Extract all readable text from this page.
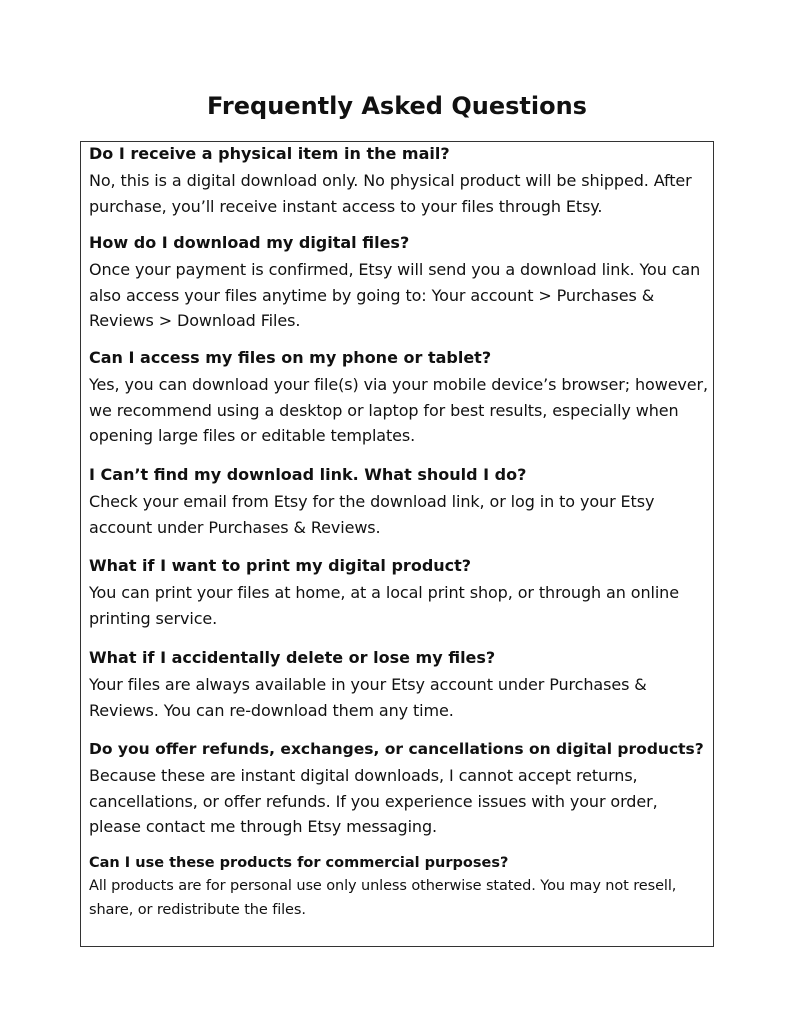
Frequently Asked Questions
Do I receive a physical item in the mail?
No, this is a digital download only. No physical product will be shipped. After purchase, you’ll receive instant access to your files through Etsy.
How do I download my digital files?
Once your payment is confirmed, Etsy will send you a download link. You can also access your files anytime by going to: Your account > Purchases & Reviews > Download Files.
Can I access my files on my phone or tablet?
Yes, you can download your file(s) via your mobile device’s browser; however, we recommend using a desktop or laptop for best results, especially when opening large files or editable templates.
I Can’t find my download link. What should I do?
Check your email from Etsy for the download link, or log in to your Etsy account under Purchases & Reviews.
What if I want to print my digital product?
You can print your files at home, at a local print shop, or through an online printing service.
What if I accidentally delete or lose my files?
Your files are always available in your Etsy account under Purchases & Reviews. You can re-download them any time.
Do you offer refunds, exchanges, or cancellations on digital products?
Because these are instant digital downloads, I cannot accept returns, cancellations, or offer refunds. If you experience issues with your order, please contact me through Etsy messaging.
Can I use these products for commercial purposes?
All products are for personal use only unless otherwise stated. You may not resell, share, or redistribute the files.
